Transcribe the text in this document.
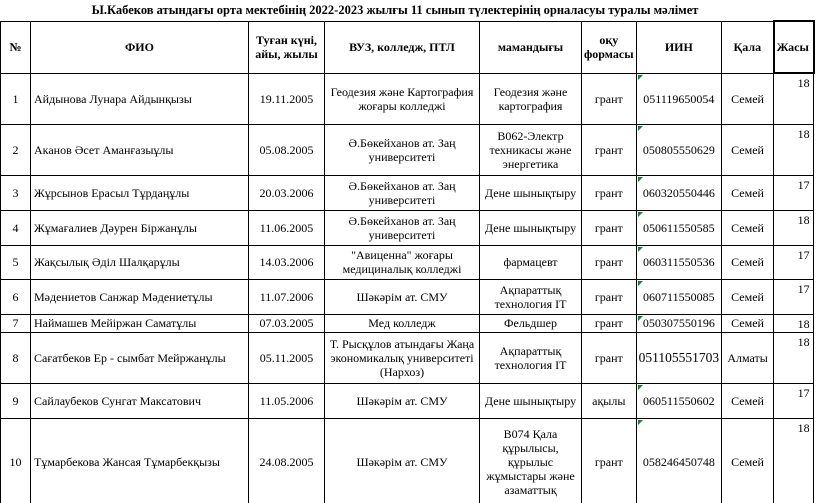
Ы.Кабеков атындағы орта мектебінің 2022-2023 жылғы 11 сынып түлектерінің орналасуы туралы мәлімет
№	ФИО	Туған күні, айы, жылы	ВУЗ, колледж, ПТЛ	мамандығы	оқу формасы	ИИН	Қала	Жасы
1	Айдынова Лунара Айдынқызы	19.11.2005	Геодезия және Картография жоғары колледжі	Геодезия және картография	грант	051119650054	Семей	18
2	Аканов Әсет Аманғазыұлы	05.08.2005	Ә.Бөкейханов ат. Заң университеті	В062-Электр техникасы және энергетика	грант	050805550629	Семей	18
3	Жұрсынов Ерасыл Тұрдаңұлы	20.03.2006	Ә.Бөкейханов ат. Заң университеті	Дене шынықтыру	грант	060320550446	Семей	17
4	Жұмағалиев Дәурен Біржанұлы	11.06.2005	Ә.Бөкейханов ат. Заң университеті	Дене шынықтыру	грант	050611550585	Семей	18
5	Жақсылық Әділ Шалқарұлы	14.03.2006	"Авиценна" жоғары медициналық колледжі	фармацевт	грант	060311550536	Семей	17
6	Мәдениетов Санжар Мәдениетұлы	11.07.2006	Шәкәрім ат. СМУ	Ақпараттық технология IT	грант	060711550085	Семей	17
7	Наймашев Мейіржан Саматұлы	07.03.2005	Мед колледж	Фельдшер	грант	050307550196	Семей	18
8	Сағатбеков Ер - сымбат Мейржанұлы	05.11.2005	Т. Рысқұлов атындағы Жаңа экономикалық университеті (Нархоз)	Ақпараттық технология IT	грант	051105551703	Алматы	18
9	Сайлаубеков Сунгат Максатович	11.05.2006	Шәкәрім ат. СМУ	Дене шынықтыру	ақылы	060511550602	Семей	17
10	Тұмарбекова Жансая Тұмарбекқызы	24.08.2005	Шәкәрім ат. СМУ	В074 Қала құрылысы, құрылыс жұмыстары және азаматтық	грант	058246450748	Семей	18
